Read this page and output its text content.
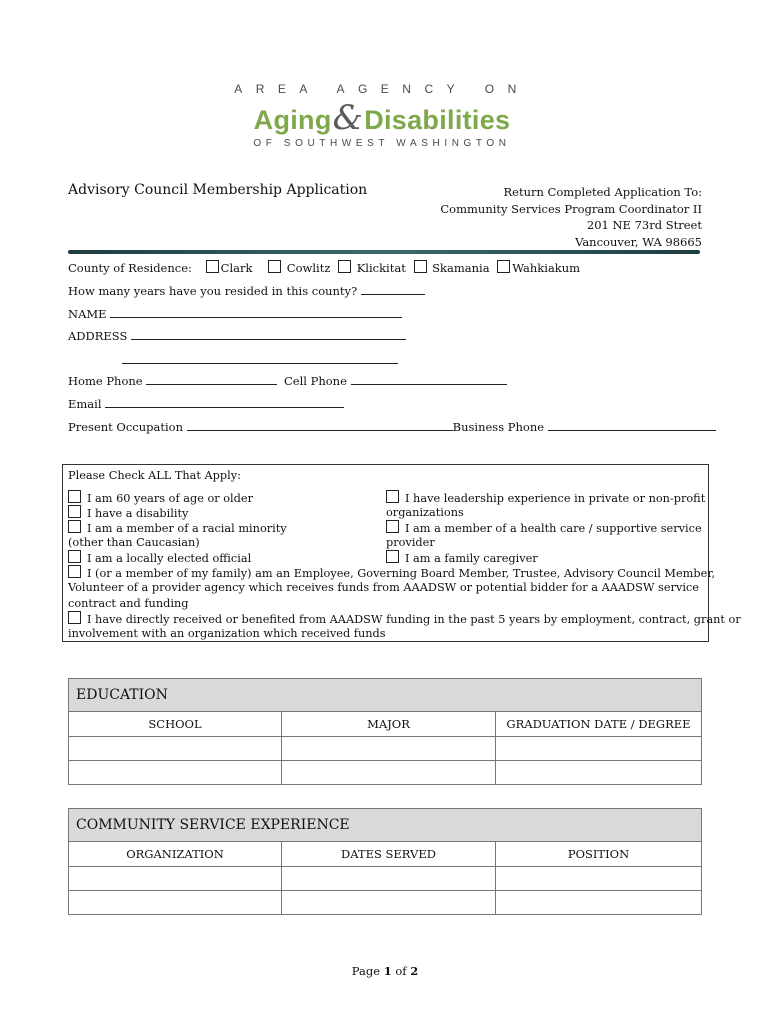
AREA AGENCY ON
Aging&Disabilities
OF SOUTHWEST WASHINGTON
Advisory Council Membership Application	Return Completed Application To:
Community Services Program Coordinator II
201 NE 73rd Street
Vancouver, WA 98665
County of Residence:	Clark	Cowlitz Klickitat Skamania Wahkiakum
How many years have you resided in this county?
NAME
ADDRESS
Home Phone	Cell Phone
Email
Present Occupation	Business Phone
Please Check ALL That Apply:
I am 60 years of age or older
I have a disability
I am a member of a racial minority
(other than Caucasian)
I am a locally elected official
I have leadership experience in private or non-profit
organizations
I am a member of a health care / supportive service
provider
I am a family caregiver
I (or a member of my family) am an Employee, Governing Board Member, Trustee, Advisory Council Member,
Volunteer of a provider agency which receives funds from AAADSW or potential bidder for a AAADSW service
contract and funding
I have directly received or benefited from AAADSW funding in the past 5 years by employment, contract, grant or
involvement with an organization which received funds
EDUCATION
SCHOOL	MAJOR	GRADUATION DATE / DEGREE

COMMUNITY SERVICE EXPERIENCE
ORGANIZATION	DATES SERVED	POSITION

Page 1 of 2
